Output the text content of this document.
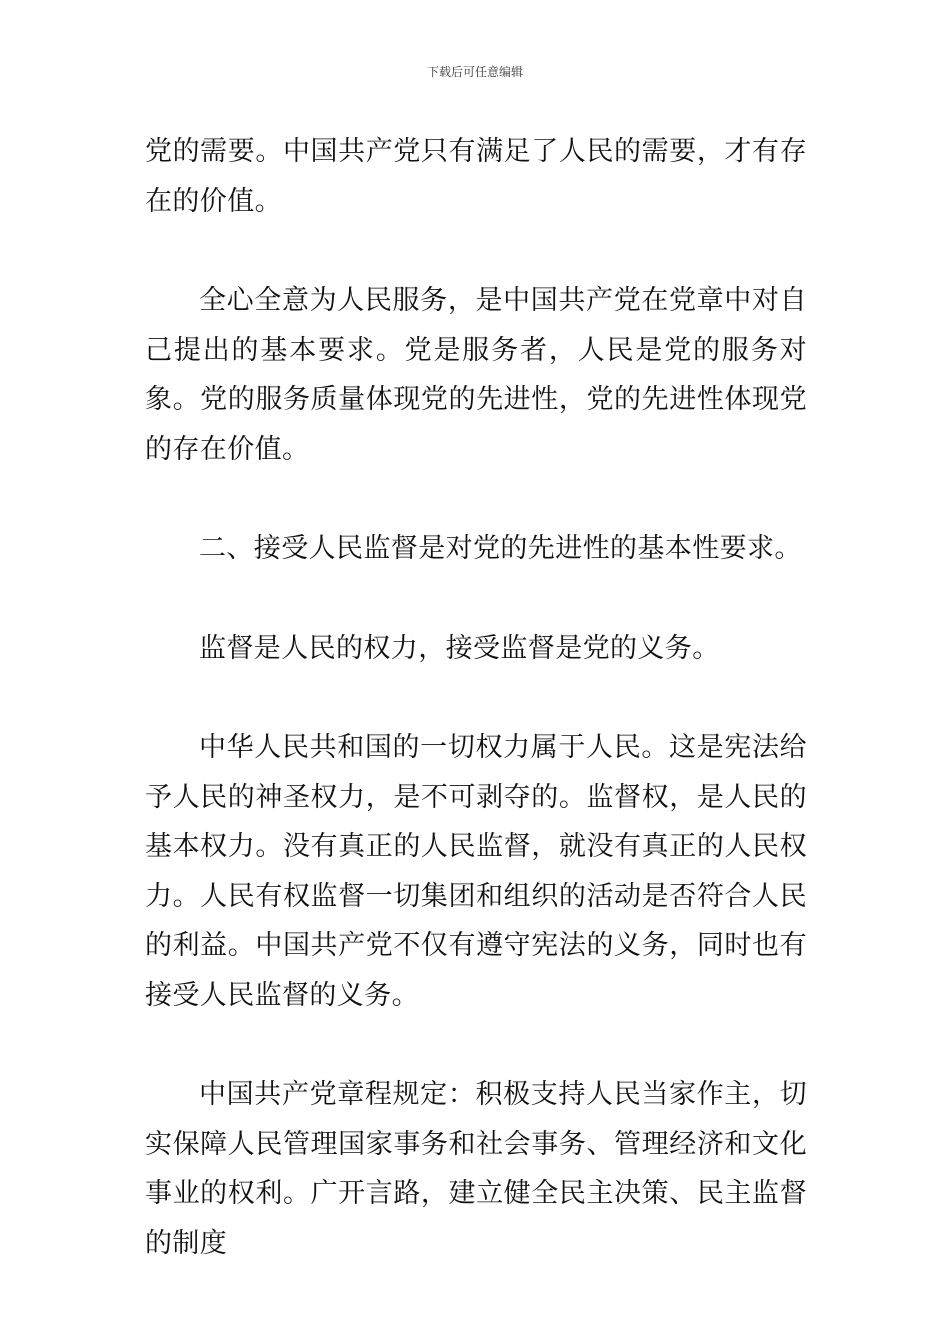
下载后可任意编辑

党的需要。中国共产党只有满足了人民的需要，才有存在的价值。

全心全意为人民服务，是中国共产党在党章中对自己提出的基本要求。党是服务者，人民是党的服务对象。党的服务质量体现党的先进性，党的先进性体现党的存在价值。

二、接受人民监督是对党的先进性的基本性要求。

监督是人民的权力，接受监督是党的义务。

中华人民共和国的一切权力属于人民。这是宪法给予人民的神圣权力，是不可剥夺的。监督权，是人民的基本权力。没有真正的人民监督，就没有真正的人民权力。人民有权监督一切集团和组织的活动是否符合人民的利益。中国共产党不仅有遵守宪法的义务，同时也有接受人民监督的义务。

中国共产党章程规定：积极支持人民当家作主，切实保障人民管理国家事务和社会事务、管理经济和文化事业的权利。广开言路，建立健全民主决策、民主监督的制度
